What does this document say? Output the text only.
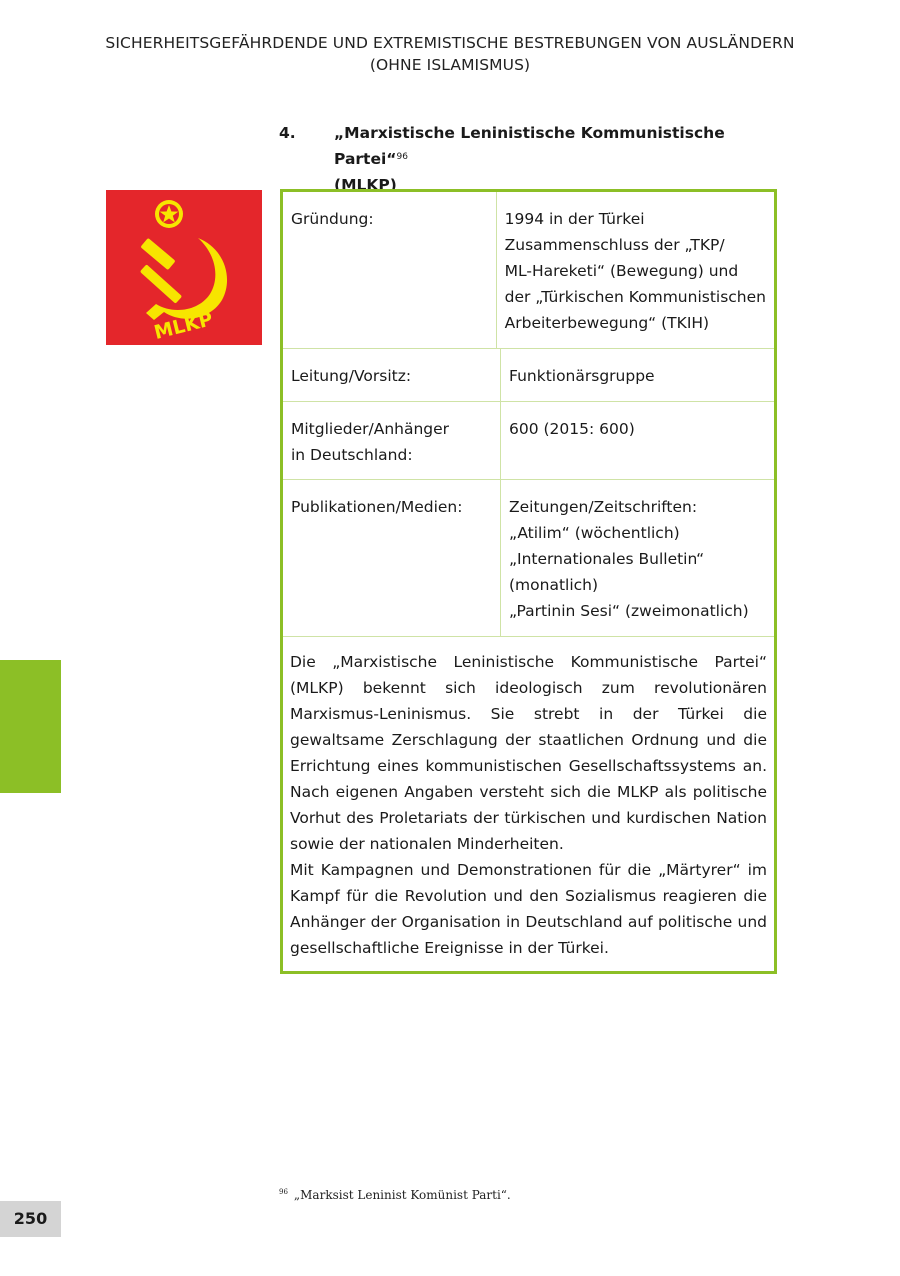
SICHERHEITSGEFÄHRDENDE UND EXTREMISTISCHE BESTREBUNGEN VON AUSLÄNDERN
(OHNE ISLAMISMUS)
4. „Marxistische Leninistische Kommunistische Partei“$^{96}$
(MLKP)
MLKP
Gründung:	1994 in der Türkei
Zusammenschluss der „TKP/
ML-Hareketi“ (Bewegung) und
der „Türkischen Kommunistischen
Arbeiterbewegung“ (TKIH)
Leitung/Vorsitz:	Funktionärsgruppe
Mitglieder/Anhänger
in Deutschland:
600 (2015: 600)
Publikationen/Medien:	Zeitungen/Zeitschriften:
„Atilim“ (wöchentlich)
„Internationales Bulletin“
(monatlich)
„Partinin Sesi“ (zweimonatlich)

Die „Marxistische Leninistische Kommunistische Partei“ (MLKP) bekennt sich ideologisch zum revolutionären Marxismus-Leninismus. Sie strebt in der Türkei die gewaltsame Zerschlagung der staatlichen Ordnung und die Errichtung eines kommunistischen Gesellschaftssystems an. Nach eigenen Angaben versteht sich die MLKP als politische Vorhut des Proletariats der türkischen und kurdischen Nation sowie der nationalen Minderheiten.

Mit Kampagnen und Demonstrationen für die „Märtyrer“ im Kampf für die Revolution und den Sozialismus reagieren die Anhänger der Organisation in Deutschland auf politische und gesellschaftliche Ereignisse in der Türkei.

$^{96}$ „Marksist Leninist Komünist Parti“.
250
